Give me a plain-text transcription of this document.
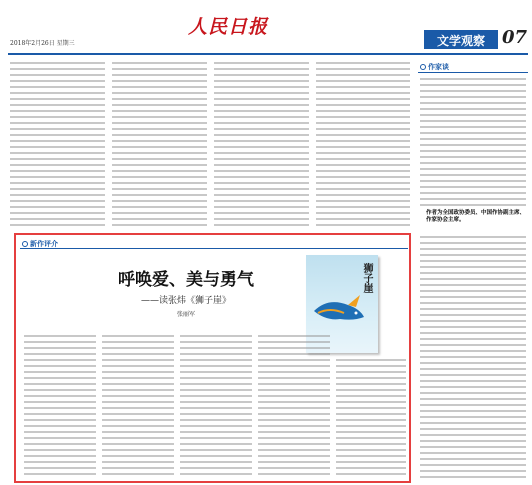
2018年2月26日 星期三
人民日报
文学观察 07
作家谈
作者为全国政协委员、中国作协副主席、作家协会主席。
新作评介
呼唤爱、美与勇气
——读张炜《狮子崖》
张丽军
狮子崖
